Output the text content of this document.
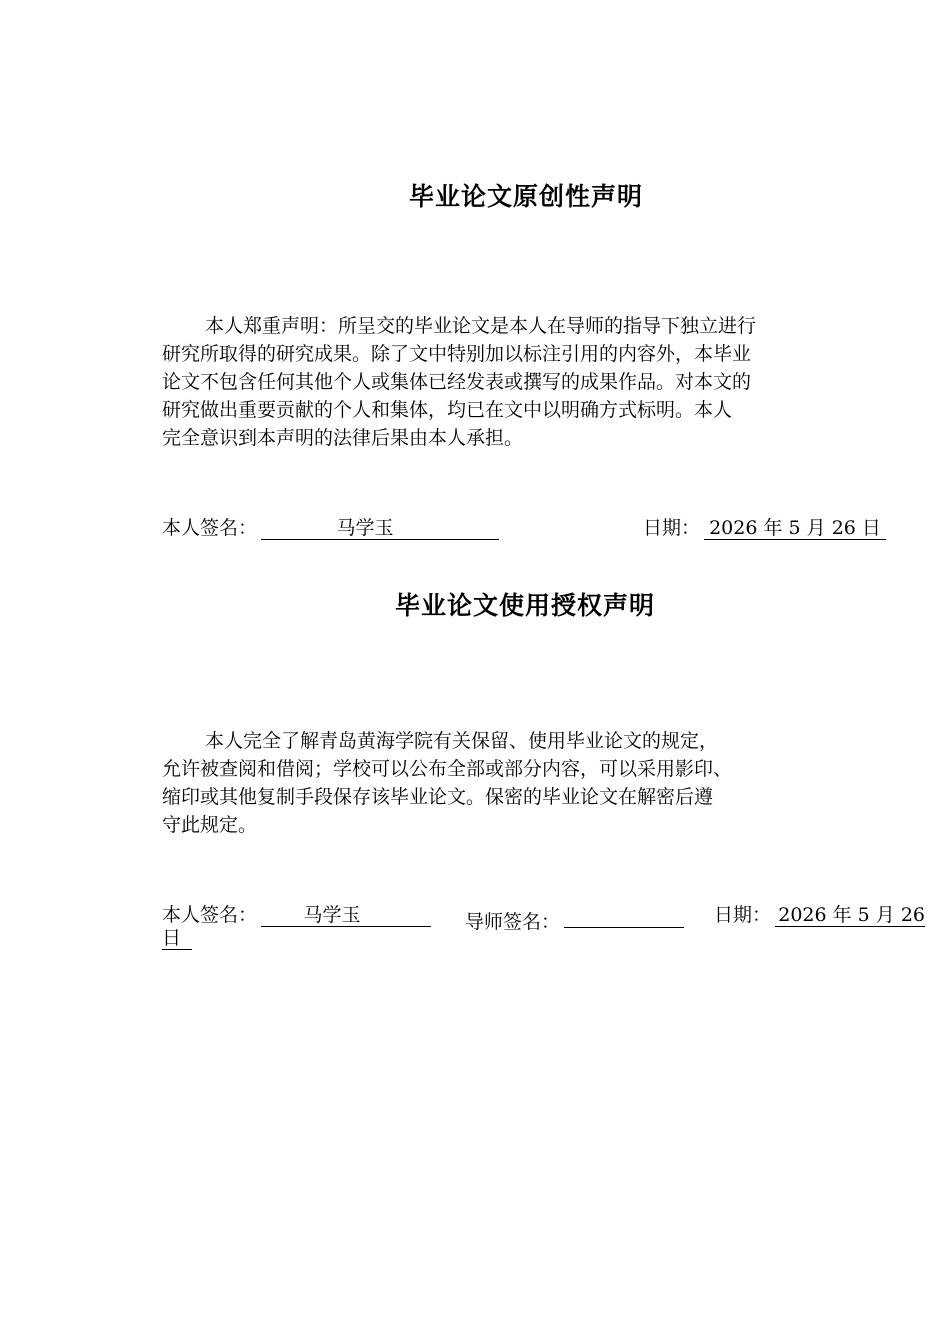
毕业论文原创性声明
本人郑重声明：所呈交的毕业论文是本人在导师的指导下独立进行
研究所取得的研究成果。除了文中特别加以标注引用的内容外，本毕业
论文不包含任何其他个人或集体已经发表或撰写的成果作品。对本文的
研究做出重要贡献的个人和集体，均已在文中以明确方式标明。本人
完全意识到本声明的法律后果由本人承担。
本人签名：	马学玉	日期： 2026 年 5 月 26 日
毕业论文使用授权声明
本人完全了解青岛黄海学院有关保留、使用毕业论文的规定，
允许被查阅和借阅；学校可以公布全部或部分内容，可以采用影印、
缩印或其他复制手段保存该毕业论文。保密的毕业论文在解密后遵
守此规定。
本人签名： 马学玉	导师签名：	日期： 2026 年 5 月 26
日
